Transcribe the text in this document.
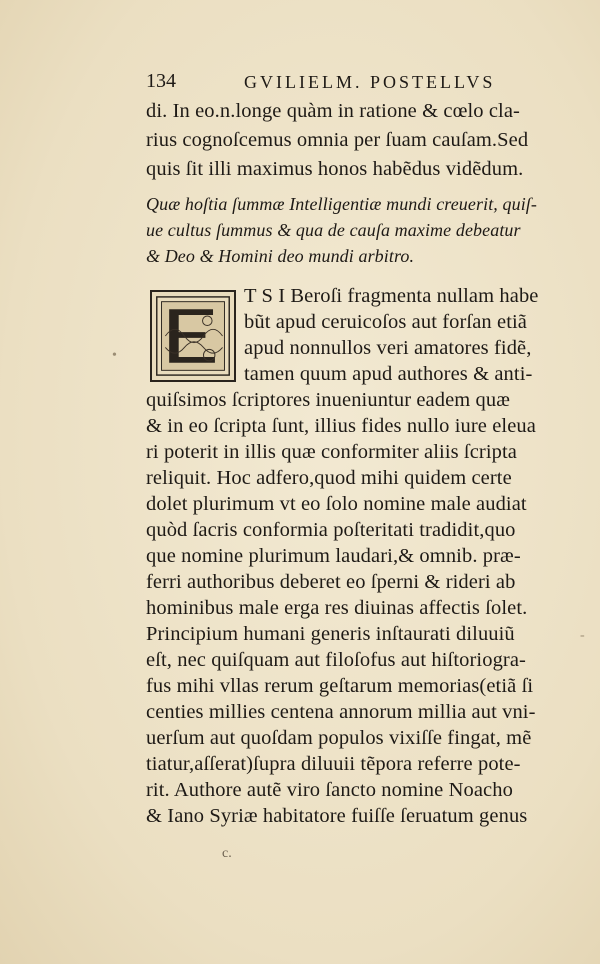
134	GVILIELM. POSTELLVS
di. In eo.n.longe quàm in ratione & cœlo cla-
rius cognoſcemus omnia per ſuam cauſam.Sed
quis ſit illi maximus honos habẽdus vidẽdum.
Quæ hoſtia ſummæ Intelligentiæ mundi creuerit, quiſ-
ue cultus ſummus & qua de cauſa maxime debeatur
& Deo & Homini deo mundi arbitro.
T S I Beroſi fragmenta nullam habe
bũt apud ceruicoſos aut forſan etiã
apud nonnullos veri amatores fidẽ,
tamen quum apud authores & anti-
quiſsimos ſcriptores inueniuntur eadem quæ
& in eo ſcripta ſunt, illius fides nullo iure eleua
ri poterit in illis quæ conformiter aliis ſcripta
reliquit. Hoc adfero,quod mihi quidem certe
dolet plurimum vt eo ſolo nomine male audiat
quòd ſacris conformia poſteritati tradidit,quo
que nomine plurimum laudari,& omnib. præ-
ferri authoribus deberet eo ſperni & rideri ab
hominibus male erga res diuinas affectis ſolet.
Principium humani generis inſtaurati diluuiũ
eſt, nec quiſquam aut filoſofus aut hiſtoriogra-
fus mihi vllas rerum geſtarum memorias(etiã ſi
centies millies centena annorum millia aut vni-
uerſum aut quoſdam populos vixiſſe fingat, mẽ
tiatur,aſſerat)ſupra diluuii tẽpora referre pote-
rit. Authore autẽ viro ſancto nomine Noacho
& Iano Syriæ habitatore fuiſſe ſeruatum genus
c.
•
-
